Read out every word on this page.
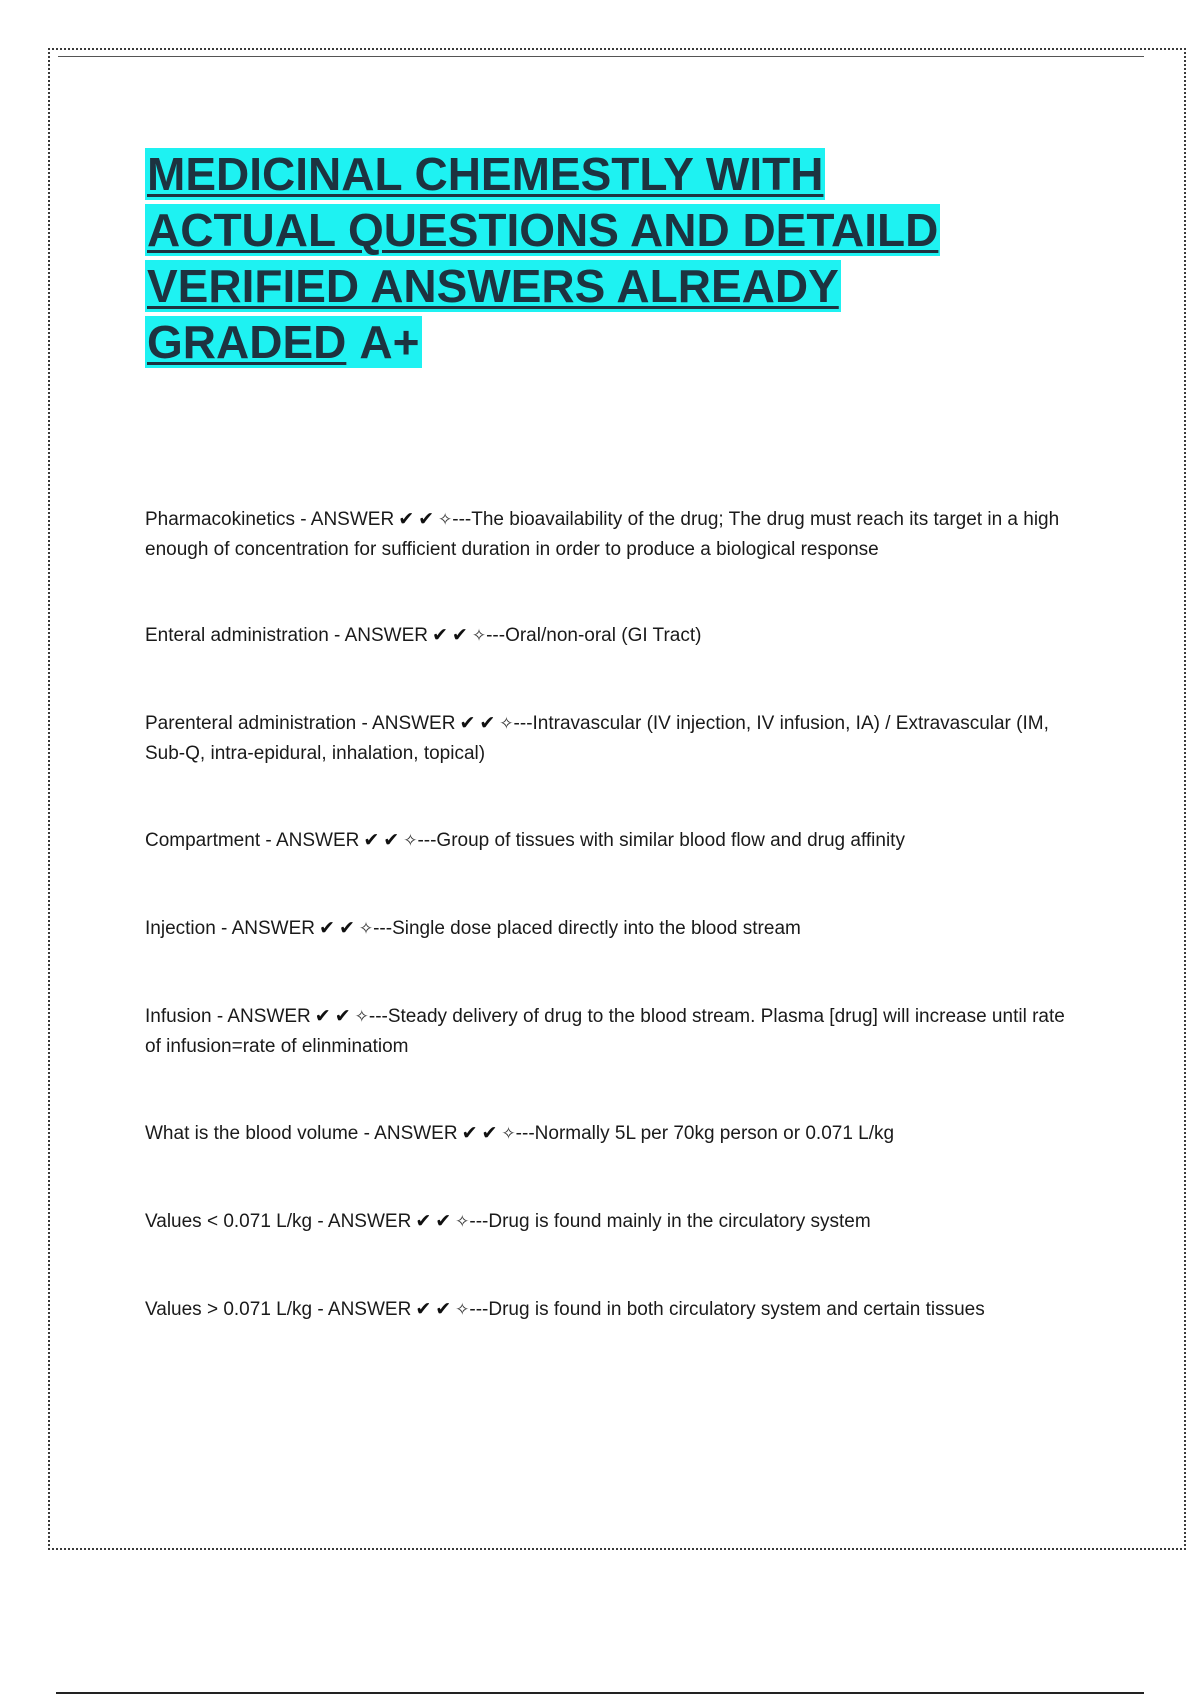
MEDICINAL CHEMESTLY WITH
ACTUAL QUESTIONS AND DETAILD
VERIFIED ANSWERS ALREADY
GRADED A+
Pharmacokinetics - ANSWER ✔ ✔ ✧---The bioavailability of the drug; The drug must reach its target in a high enough of concentration for sufficient duration in order to produce a biological response
Enteral administration - ANSWER ✔ ✔ ✧---Oral/non-oral (GI Tract)
Parenteral administration - ANSWER ✔ ✔ ✧---Intravascular (IV injection, IV infusion, IA) / Extravascular (IM, Sub-Q, intra-epidural, inhalation, topical)
Compartment - ANSWER ✔ ✔ ✧---Group of tissues with similar blood flow and drug affinity
Injection - ANSWER ✔ ✔ ✧---Single dose placed directly into the blood stream
Infusion - ANSWER ✔ ✔ ✧---Steady delivery of drug to the blood stream. Plasma [drug] will increase until rate of infusion=rate of elinminatiom
What is the blood volume - ANSWER ✔ ✔ ✧---Normally 5L per 70kg person or 0.071 L/kg
Values < 0.071 L/kg - ANSWER ✔ ✔ ✧---Drug is found mainly in the circulatory system
Values > 0.071 L/kg - ANSWER ✔ ✔ ✧---Drug is found in both circulatory system and certain tissues
